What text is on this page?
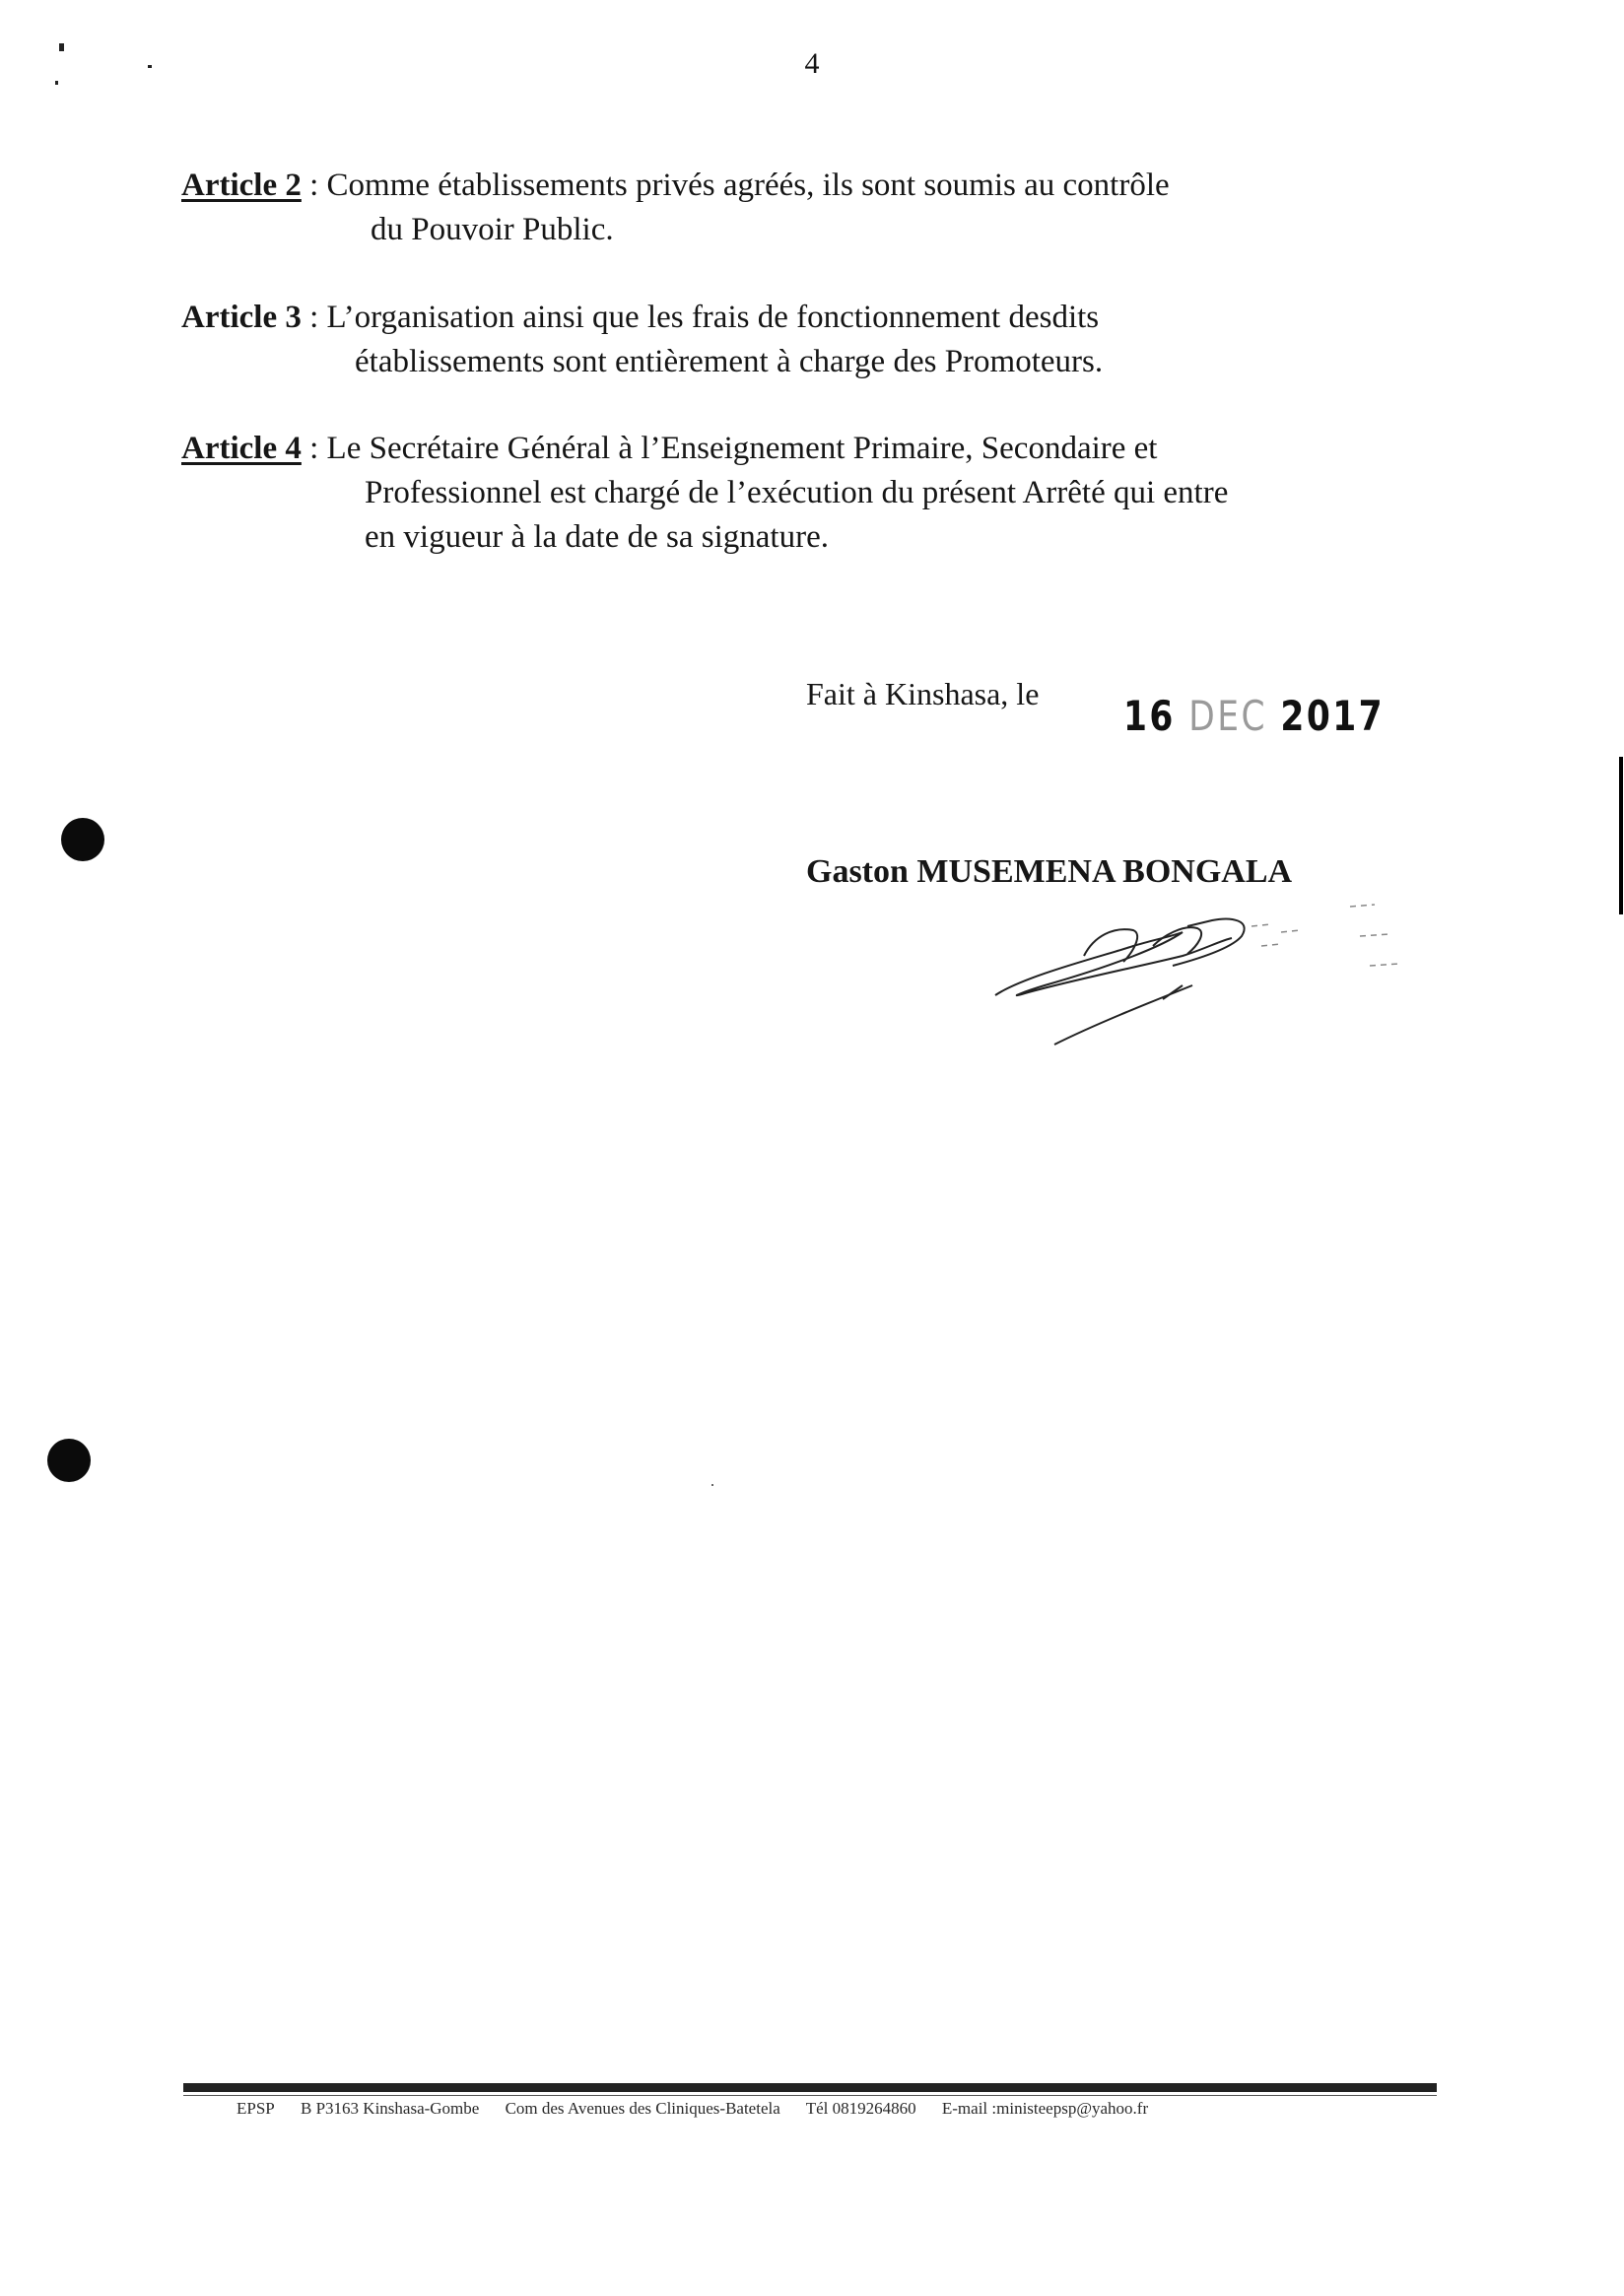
4
Article 2 : Comme établissements privés agréés, ils sont soumis au contrôle
du Pouvoir Public.
Article 3 : L’organisation ainsi que les frais de fonctionnement desdits
établissements sont entièrement à charge des Promoteurs.
Article 4 : Le Secrétaire Général à l’Enseignement Primaire, Secondaire et
Professionnel est chargé de l’exécution du présent Arrêté qui entre
en vigueur à la date de sa signature.
Fait à Kinshasa, le 16 DEC 2017
Gaston MUSEMENA BONGALA
EPSP B P3163 Kinshasa-Gombe Com des Avenues des Cliniques-Batetela Tél 0819264860 E-mail :ministeepsp@yahoo.fr
